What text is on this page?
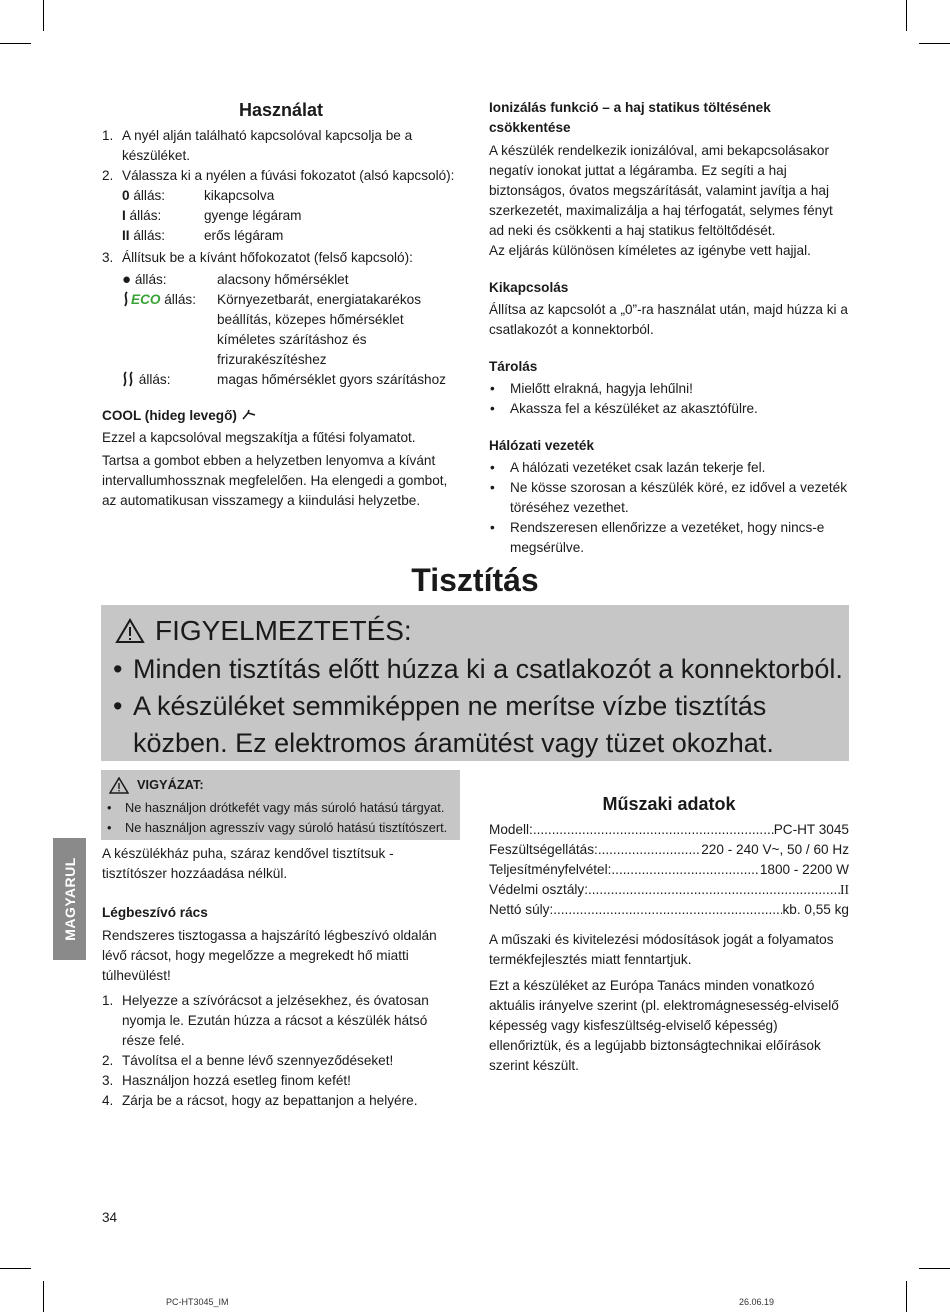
Használat
1. A nyél alján található kapcsolóval kapcsolja be a készüléket.
2. Válassza ki a nyélen a fúvási fokozatot (alsó kapcsoló):
0 állás:	kikapcsolva
I állás:	gyenge légáram
II állás:	erős légáram
3. Állítsuk be a kívánt hőfokozatot (felső kapcsoló):
● állás:	alacsony hőmérséklet
ECO állás:	Környezetbarát, energiatakarékos beállítás, közepes hőmérséklet kíméletes szárításhoz és frizurakészítéshez
állás:	magas hőmérséklet gyors szárításhoz
COOL (hideg levegő)

Ezzel a kapcsolóval megszakítja a fűtési folyamatot.

Tartsa a gombot ebben a helyzetben lenyomva a kívánt intervallumhossznak megfelelően. Ha elengedi a gombot, az automatikusan visszamegy a kiindulási helyzetbe.

Ionizálás funkció – a haj statikus töltésének csökkentése

A készülék rendelkezik ionizálóval, ami bekapcsolásakor negatív ionokat juttat a légáramba. Ez segíti a haj biztonságos, óvatos megszárítását, valamint javítja a haj szerkezetét, maximalizálja a haj térfogatát, selymes fényt ad neki és csökkenti a haj statikus feltöltődését.

Az eljárás különösen kíméletes az igénybe vett hajjal.

Kikapcsolás

Állítsa az kapcsolót a „0”-ra használat után, majd húzza ki a csatlakozót a konnektorból.

Tárolás
• Mielőtt elrakná, hagyja lehűlni!
• Akassza fel a készüléket az akasztófülre.
Hálózati vezeték
• A hálózati vezetéket csak lazán tekerje fel.
• Ne kösse szorosan a készülék köré, ez idővel a vezeték töréséhez vezethet.
• Rendszeresen ellenőrizze a vezetéket, hogy nincs-e megsérülve.
Tisztítás
FIGYELMEZTETÉS:
• Minden tisztítás előtt húzza ki a csatlakozót a konnektorból.
• A készüléket semmiképpen ne merítse vízbe tisztítás közben. Ez elektromos áramütést vagy tüzet okozhat.
VIGYÁZAT:
• Ne használjon drótkefét vagy más súroló hatású tárgyat.
• Ne használjon agresszív vagy súroló hatású tisztítószert.
MAGYARUL

A készülékház puha, száraz kendővel tisztítsuk - tisztítószer hozzáadása nélkül.

Légbeszívó rács

Rendszeres tisztogassa a hajszárító légbeszívó oldalán lévő rácsot, hogy megelőzze a megrekedt hő miatti túlhevülést!

1. Helyezze a szívórácsot a jelzésekhez, és óvatosan nyomja le. Ezután húzza a rácsot a készülék hátsó része felé.
2. Távolítsa el a benne lévő szennyeződéseket!
3. Használjon hozzá esetleg finom kefét!
4. Zárja be a rácsot, hogy az bepattanjon a helyére.
Műszaki adatok
Modell: .....	PC-HT 3045
Feszültségellátás: .....	220 - 240 V~, 50 / 60 Hz
Teljesítményfelvétel: .....	1800 - 2200 W
Védelmi osztály: .....	II
Nettó súly: .....	kb. 0,55 kg

A műszaki és kivitelezési módosítások jogát a folyamatos termékfejlesztés miatt fenntartjuk.

Ezt a készüléket az Európa Tanács minden vonatkozó aktuális irányelve szerint (pl. elektromágnesesség-elviselő képesség vagy kisfeszültség-elviselő képesség) ellenőriztük, és a legújabb biztonságtechnikai előírások szerint készült.

34
PC-HT3045_IM	26.06.19
